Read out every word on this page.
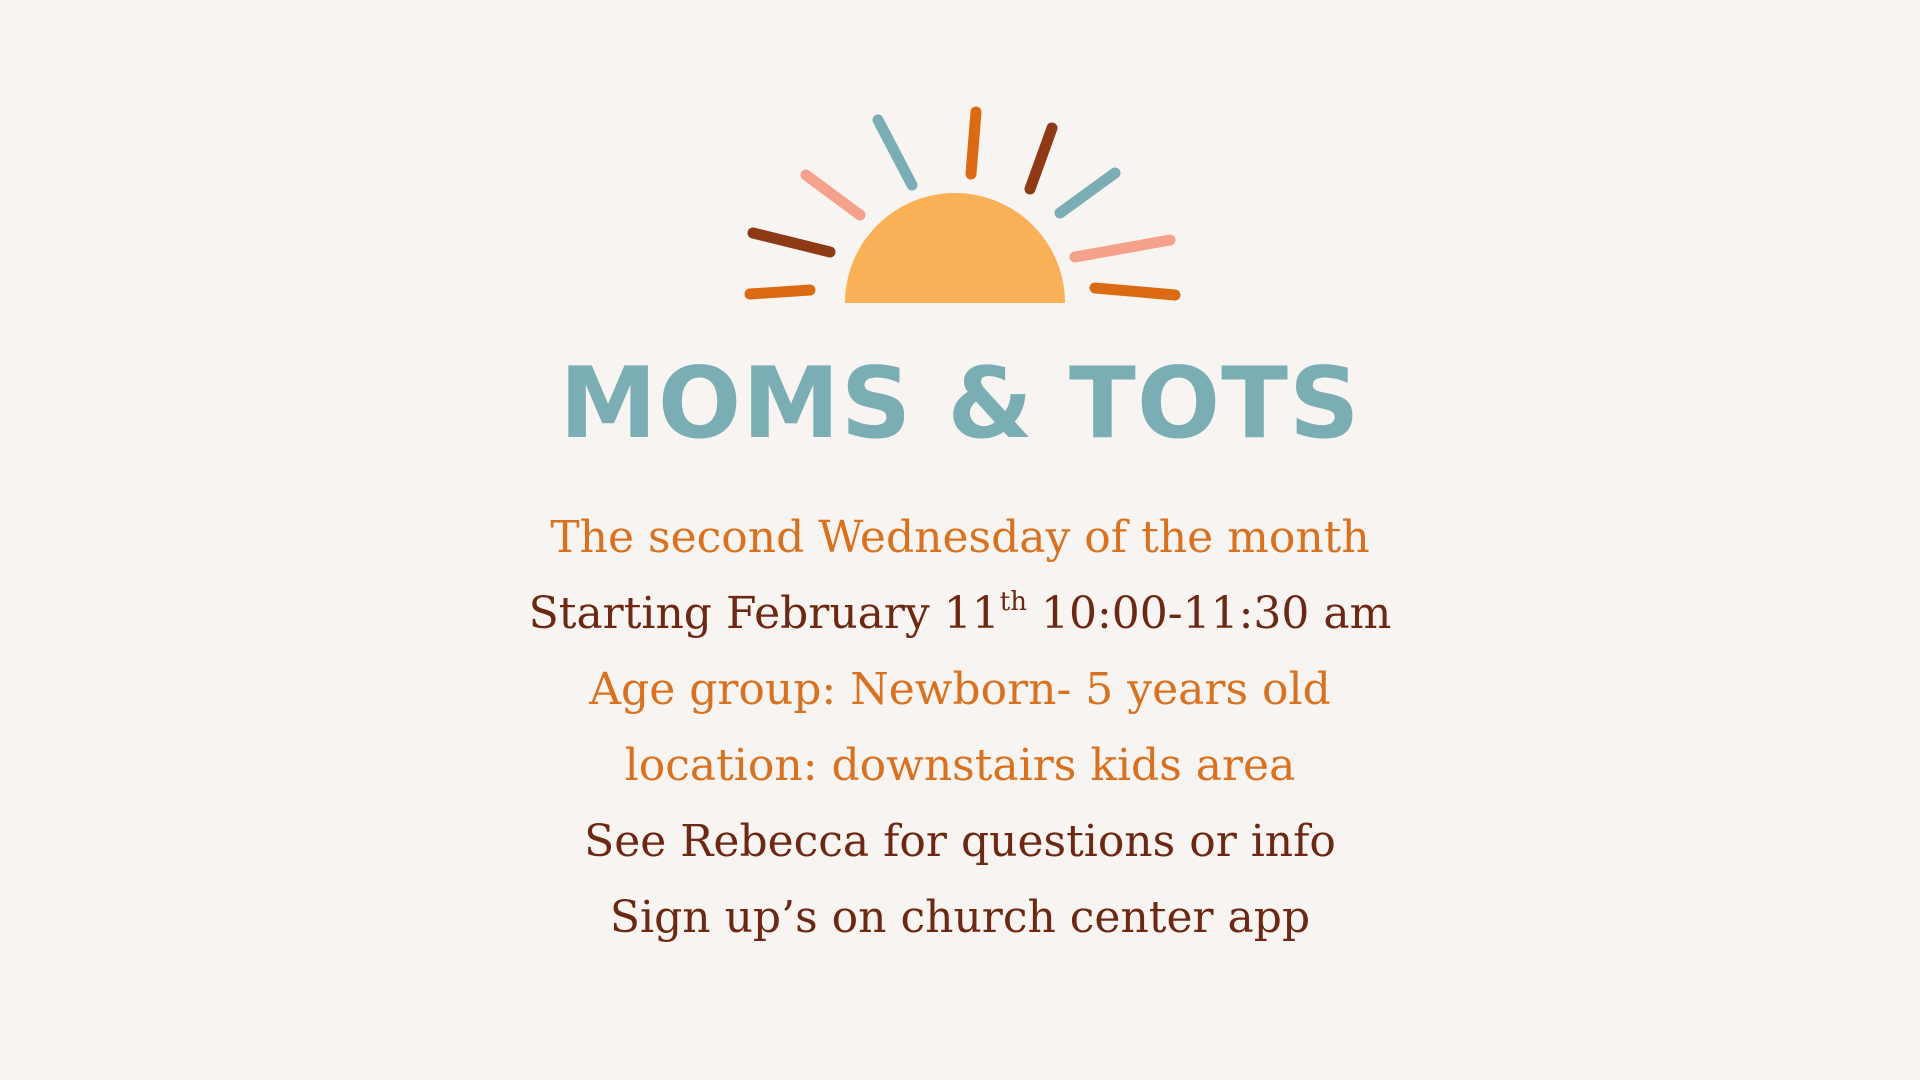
MOMS & TOTS
The second Wednesday of the month
Starting February 11th 10:00-11:30 am
Age group: Newborn- 5 years old
location: downstairs kids area
See Rebecca for questions or info
Sign up’s on church center app
